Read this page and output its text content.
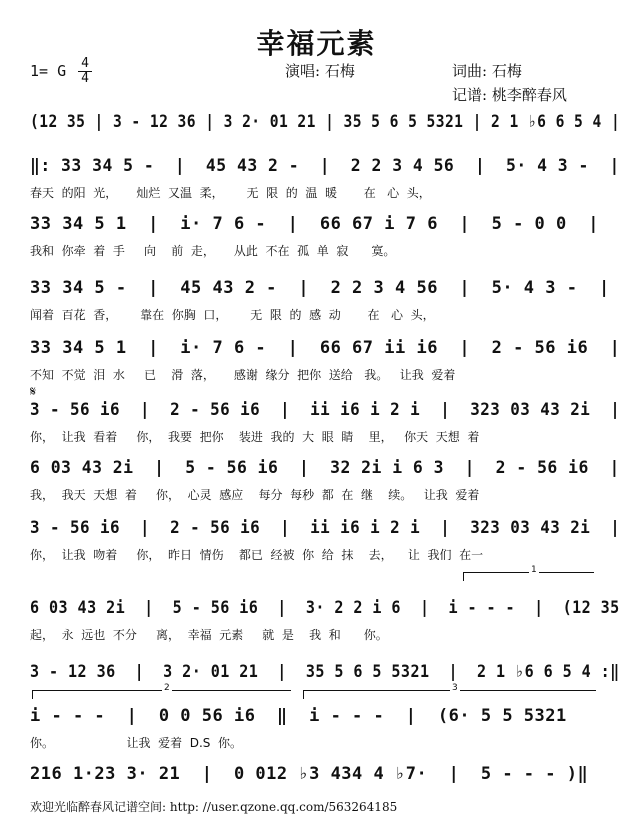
幸福元素
1= G 4
4	演唱: 石梅	词曲: 石梅
记谱: 桃李醉春风
(12 35 | 3 - 12 36 | 3 2· 01 21 | 35 5 6 5 5321 | 2 1 ♭6 6 5 4 |
‖: 33 34 5 -  |  45 43 2 -  |  2 2 3 4 56  |  5· 4 3 -  |
春天  的阳  光，     灿烂  又温  柔，      无  限  的  温  暖       在   心  头，
33 34 5 1  |  i· 7 6 -  |  66 67 i 7 6  |  5 - 0 0  |
我和  你牵  着  手     向    前  走，     从此  不在  孤  单  寂      寞。
33 34 5 -  |  45 43 2 -  |  2 2 3 4 56  |  5· 4 3 -  |
闻着  百花  香，      靠在  你胸  口，      无  限  的  感  动       在   心  头，
33 34 5 1  |  i· 7 6 -  |  66 67 ii i6  |  2 - 56 i6  |
不知  不觉  泪  水     已    滑  落，     感谢  缘分  把你  送给   我。   让我  爱着
𝄋
3 - 56 i6  |  2 - 56 i6  |  ii i6 i 2 i  |  323 03 43 2i  |
你，  让我  看着     你，  我要  把你    装进  我的  大  眼  睛    里，   你天  天想  着
6 03 43 2i  |  5 - 56 i6  |  32 2i i 6 3  |  2 - 56 i6  |
我，  我天  天想  着     你，  心灵  感应    每分  每秒  都  在  继    续。   让我  爱着
3 - 56 i6  |  2 - 56 i6  |  ii i6 i 2 i  |  323 03 43 2i  |
你，  让我  吻着     你，  昨日  情伤    都已  经被  你  给  抹    去，    让  我们  在一
1
6 03 43 2i  |  5 - 56 i6  |  3· 2 2 i 6  |  i - - -  |  (12 35
起，  永  远也  不分     离，  幸福  元素     就  是    我  和      你。
3 - 12 36  |  3 2· 01 21  |  35 5 6 5 5321  |  2 1 ♭6 6 5 4 :‖
2	3
i - - -  |  0 0 56 i6  ‖  i - - -  |  (6· 5 5 5321
你。                   让我  爱着  D.S  你。
216 1·23 3· 21  |  0 012 ♭3 434 4 ♭7·  |  5 - - - )‖
欢迎光临醉春风记谱空间: http: //user.qzone.qq.com/563264185
